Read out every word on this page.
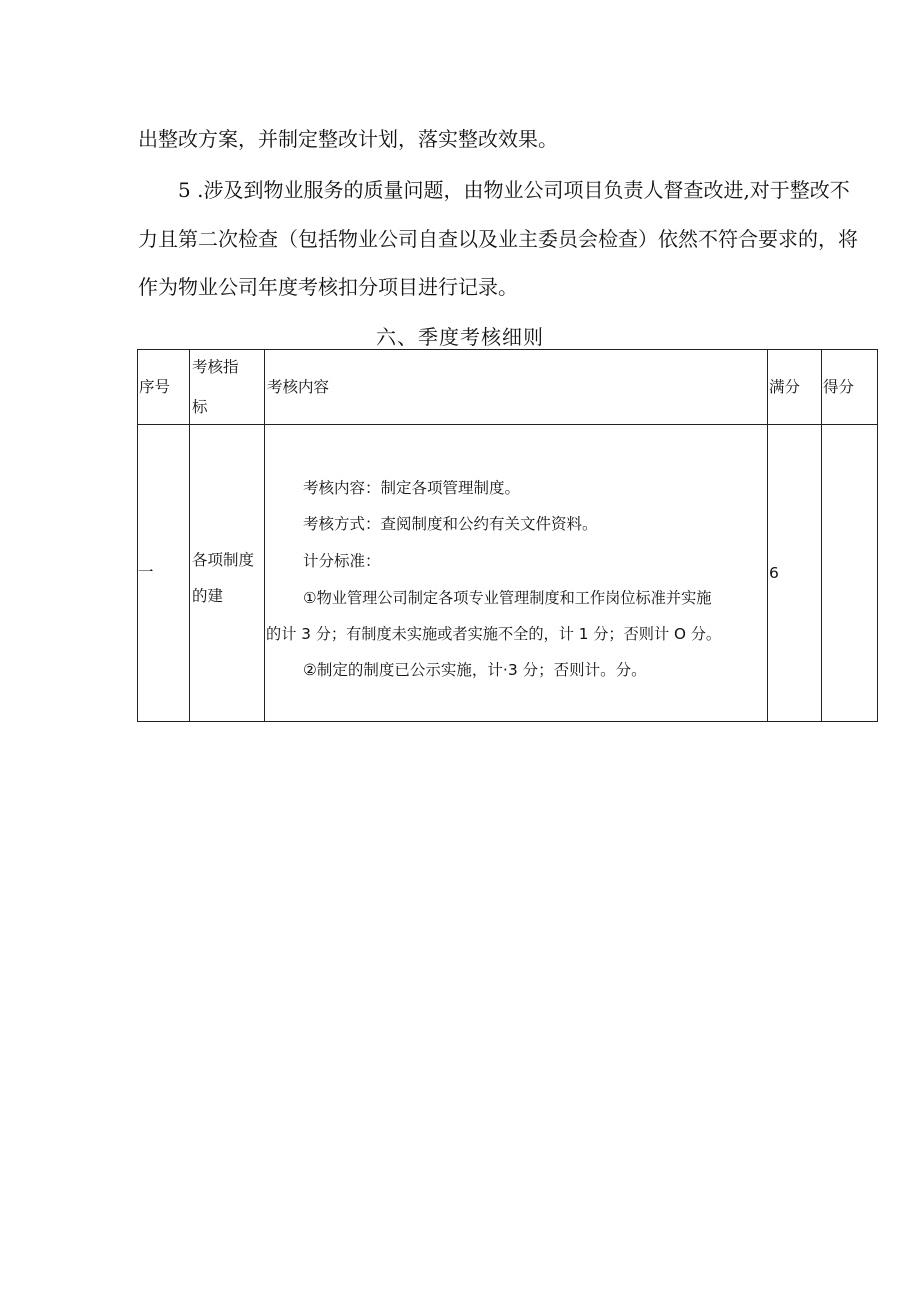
出整改方案，并制定整改计划，落实整改效果。
5 .涉及到物业服务的质量问题，由物业公司项目负责人督查改进,对于整改不
力且第二次检查（包括物业公司自查以及业主委员会检查）依然不符合要求的，将
作为物业公司年度考核扣分项目进行记录。
六、季度考核细则
序号
考核指
标
考核内容	满分 得分
一
各项制度
的建
考核内容：制定各项管理制度。
考核方式：查阅制度和公约有关文件资料。
计分标准：
①物业管理公司制定各项专业管理制度和工作岗位标准并实施
的计 3 分；有制度未实施或者实施不全的，计 1 分；否则计 O 分。
②制定的制度已公示实施，计·3 分；否则计。分。
6
